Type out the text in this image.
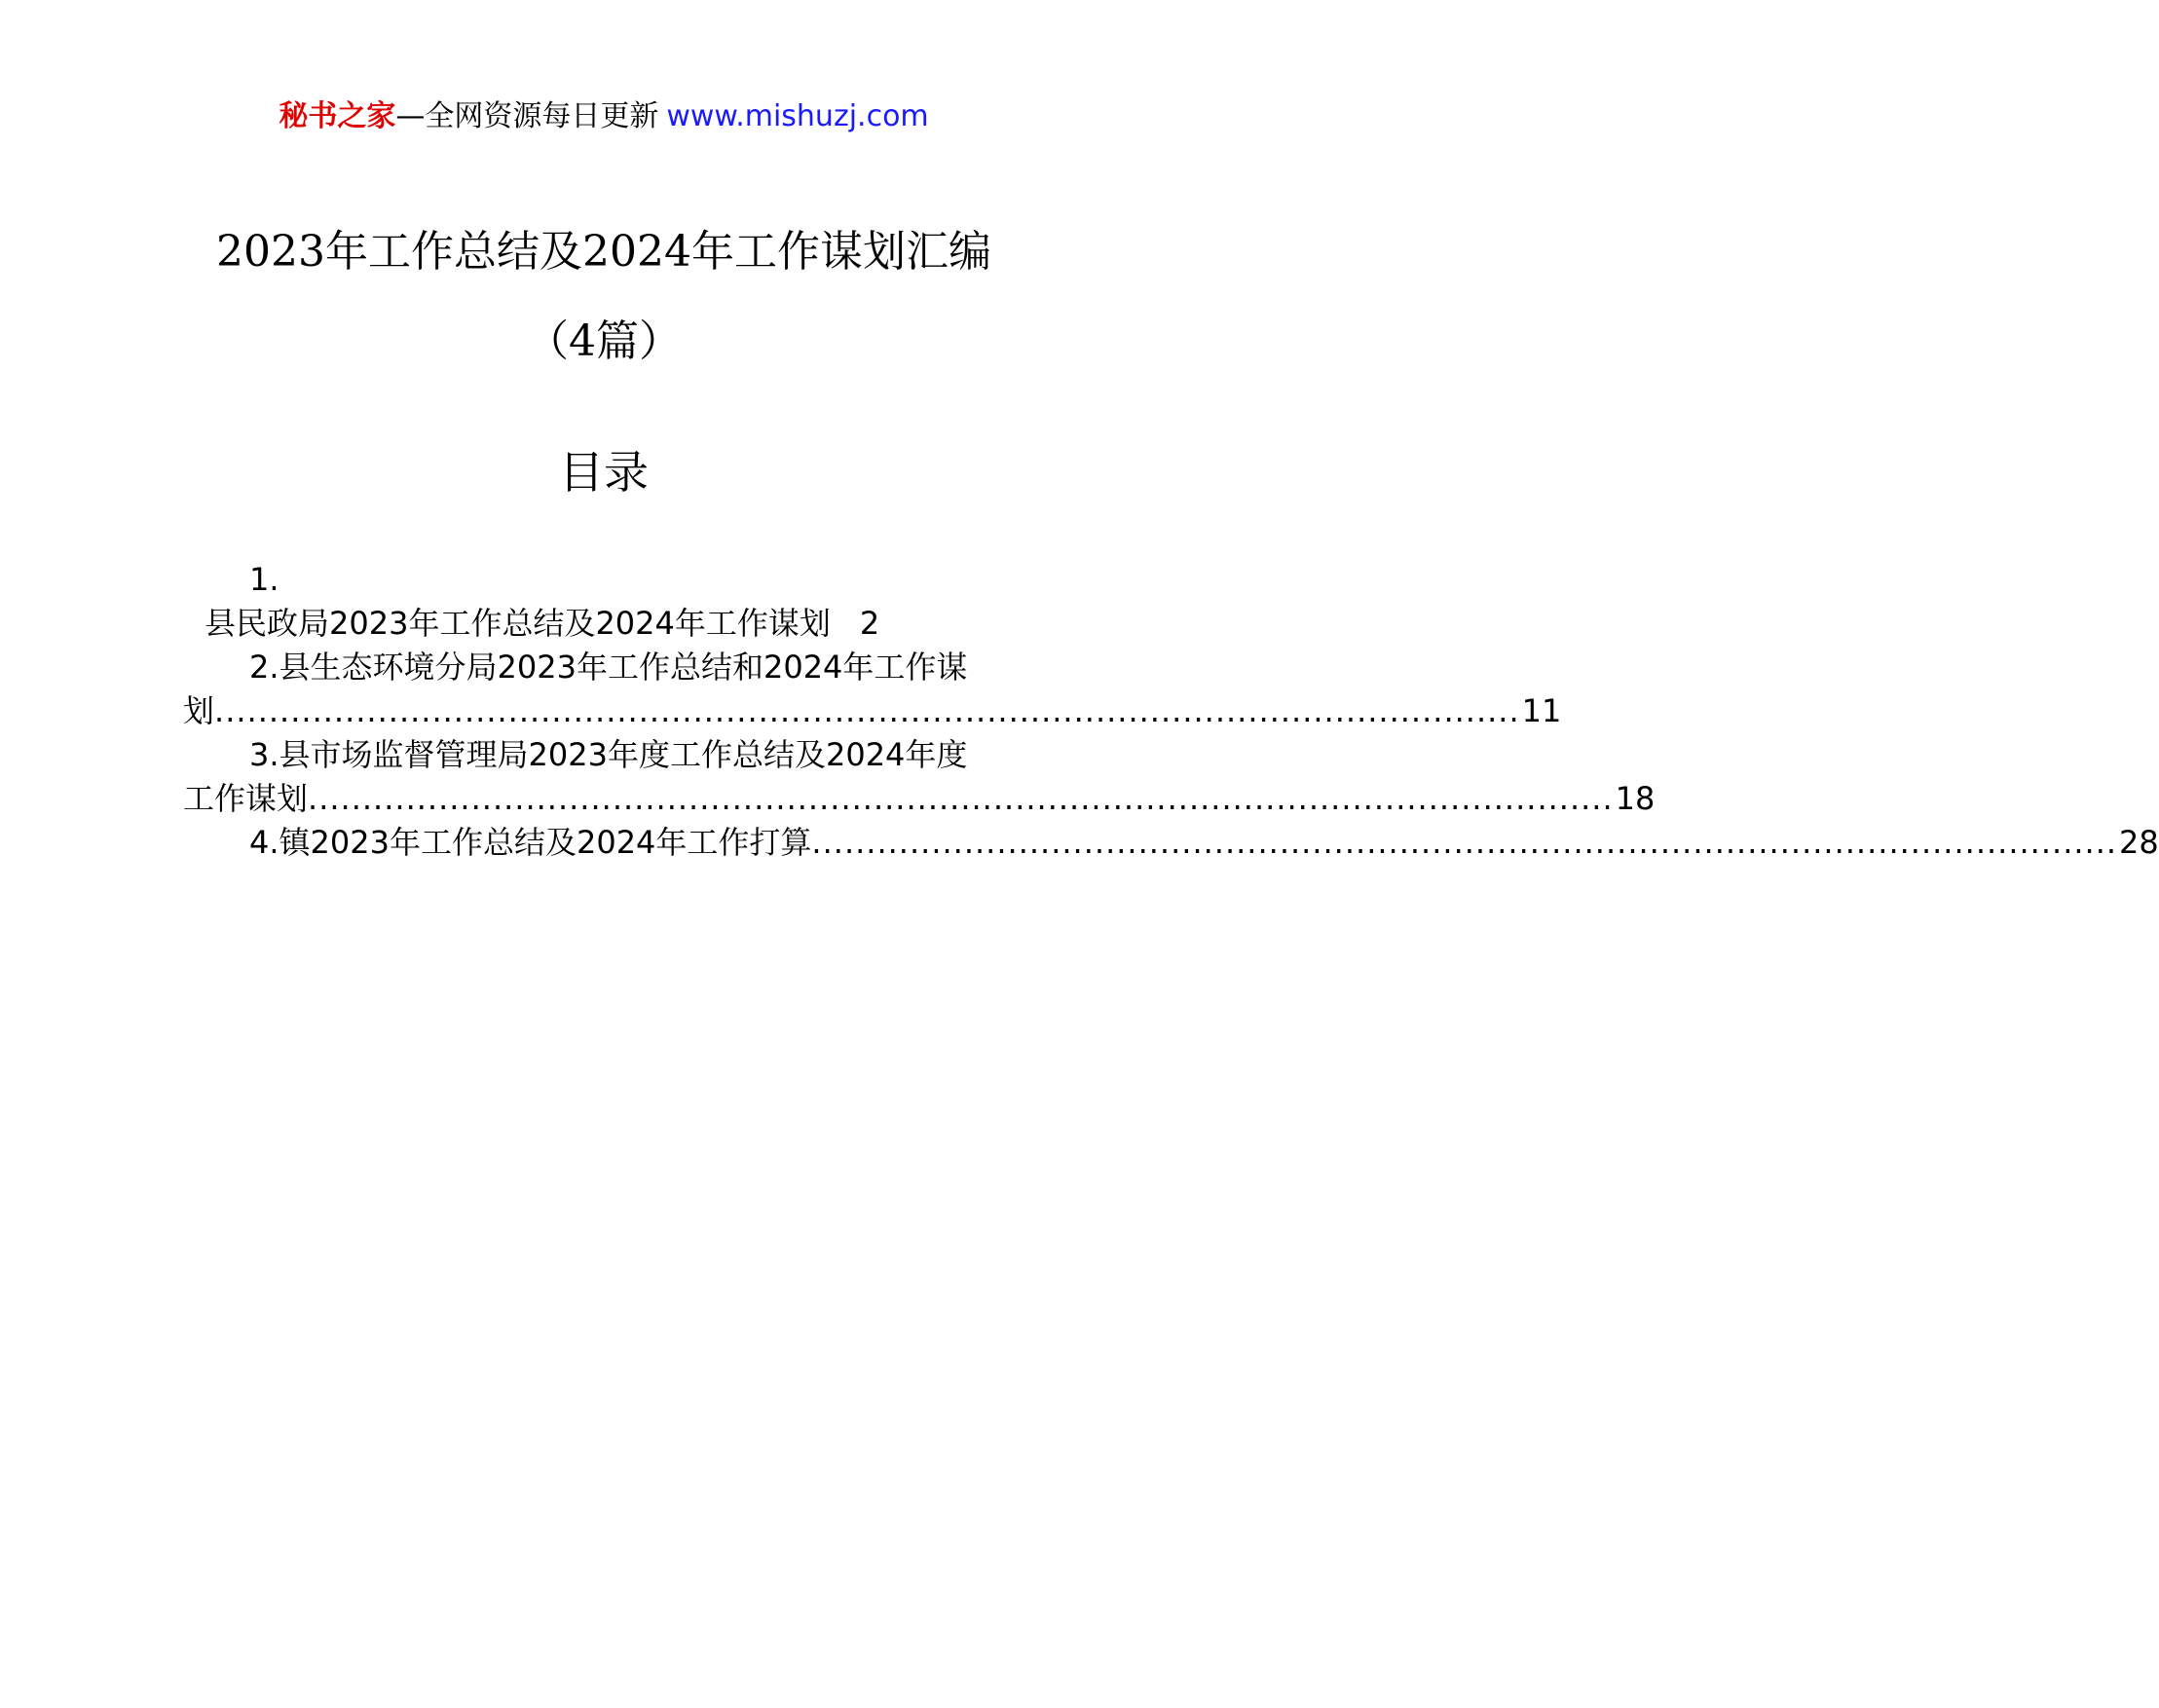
秘书之家—全网资源每日更新 www.mishuzj.com
2023年工作总结及2024年工作谋划汇编
（4篇）
目录
1.
县民政局2023年工作总结及2024年工作谋划 2
2.县生态环境分局2023年工作总结和2024年工作谋
划 ........................................................................................................................ 11
3.县市场监督管理局2023年度工作总结及2024年度
工作谋划 ........................................................................................................................ 18
4.镇2023年工作总结及2024年工作打算 ........................................................................................................................ 28
